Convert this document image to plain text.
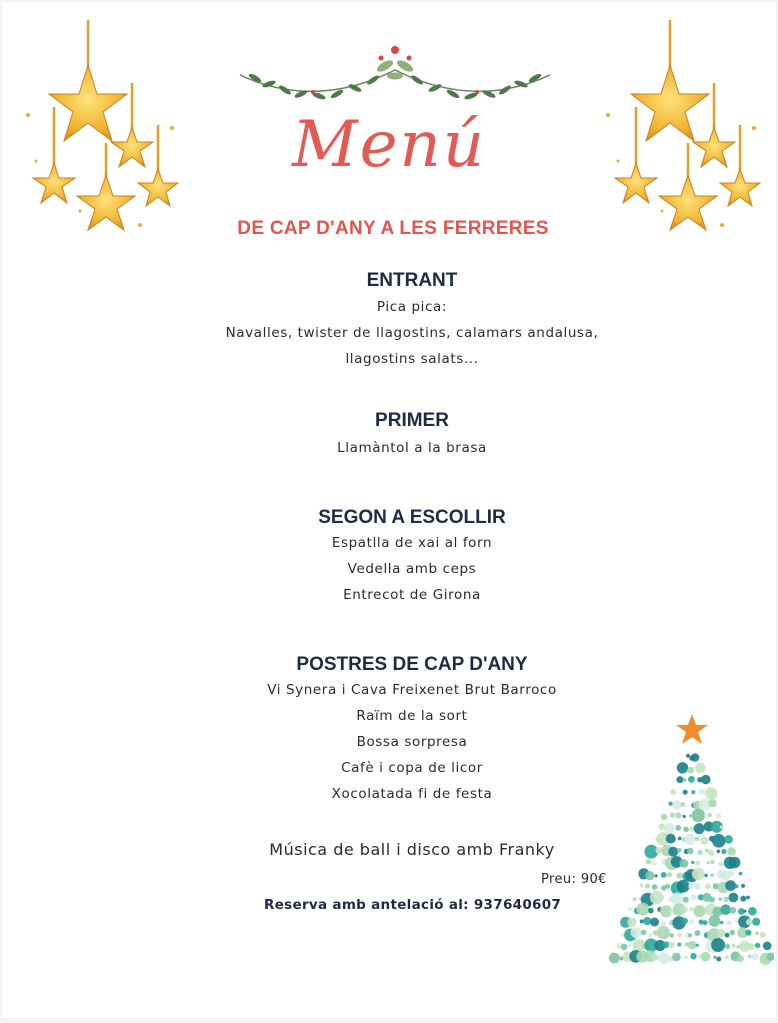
Menú
DE CAP D'ANY A LES FERRERES
ENTRANT
Pica pica:
Navalles, twister de llagostins, calamars andalusa,
llagostins salats...
PRIMER
Llamàntol a la brasa
SEGON A ESCOLLIR
Espatlla de xai al forn
Vedella amb ceps
Entrecot de Girona
POSTRES DE CAP D'ANY
Vi Synera i Cava Freixenet Brut Barroco
Raïm de la sort
Bossa sorpresa
Cafè i copa de licor
Xocolatada fi de festa
Música de ball i disco amb Franky
Preu: 90€
Reserva amb antelació al: 937640607
